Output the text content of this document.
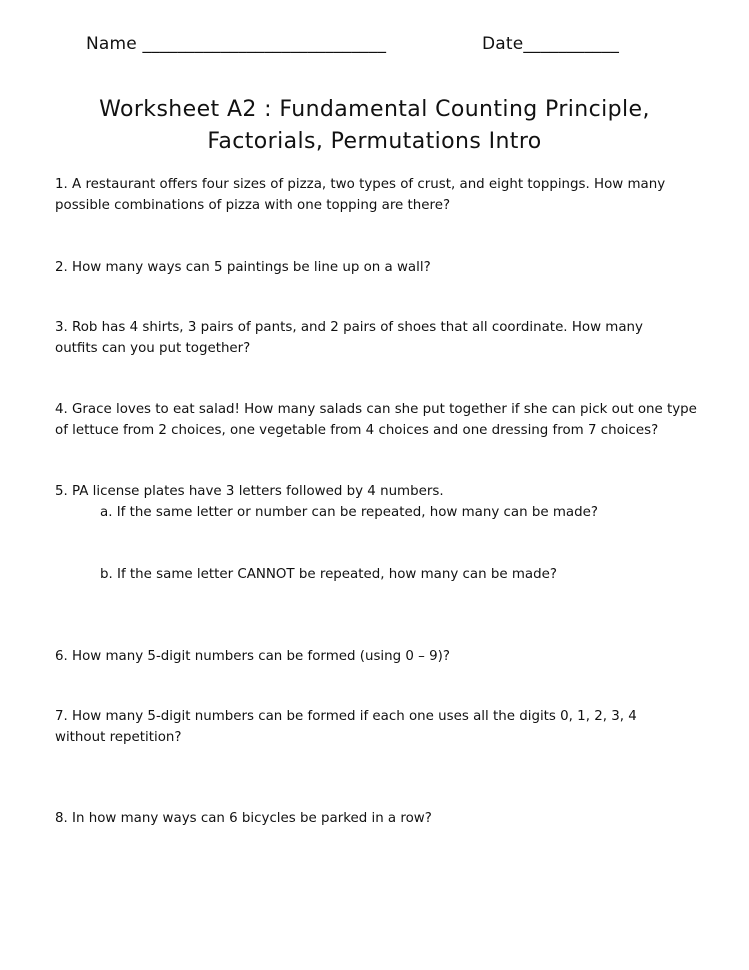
Name ____________________________	Date___________
Worksheet A2 : Fundamental Counting Principle,
Factorials, Permutations Intro
1. A restaurant offers four sizes of pizza, two types of crust, and eight toppings. How many
possible combinations of pizza with one topping are there?
2. How many ways can 5 paintings be line up on a wall?
3. Rob has 4 shirts, 3 pairs of pants, and 2 pairs of shoes that all coordinate. How many
outfits can you put together?
4. Grace loves to eat salad! How many salads can she put together if she can pick out one type
of lettuce from 2 choices, one vegetable from 4 choices and one dressing from 7 choices?
5. PA license plates have 3 letters followed by 4 numbers.
a. If the same letter or number can be repeated, how many can be made?
b. If the same letter CANNOT be repeated, how many can be made?
6. How many 5-digit numbers can be formed (using 0 – 9)?
7. How many 5-digit numbers can be formed if each one uses all the digits 0, 1, 2, 3, 4
without repetition?
8. In how many ways can 6 bicycles be parked in a row?
